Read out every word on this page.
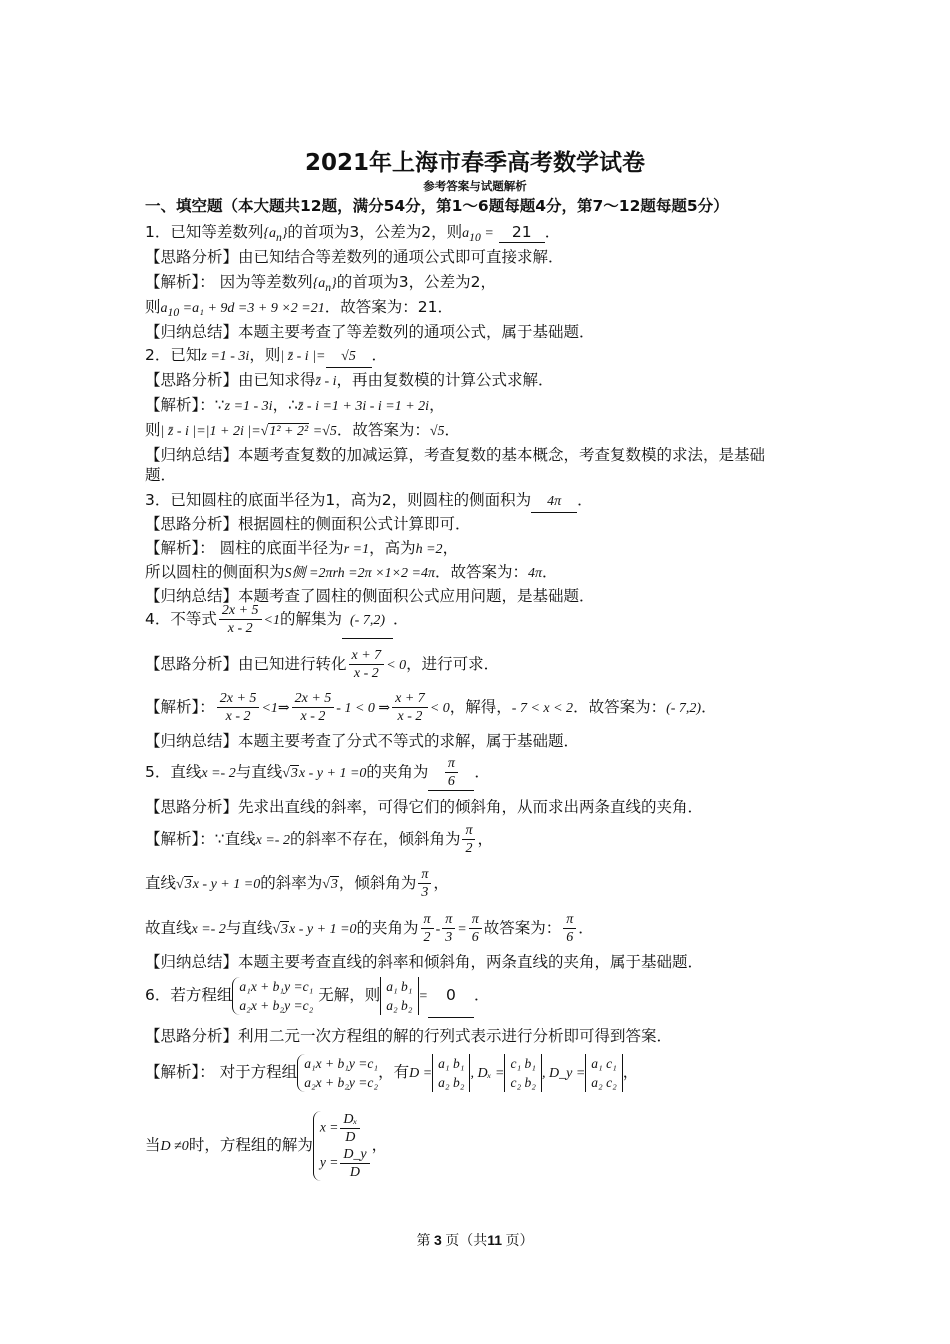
2021年上海市春季高考数学试卷
参考答案与试题解析
一、填空题（本大题共12题，满分54分，第1～6题每题4分，第7～12题每题5分）
1．已知等差数列$\{a_n\}$的首项为3，公差为2，则$a_{10} = 21$ ．
【思路分析】由已知结合等差数列的通项公式即可直接求解．
【解析】： 因为等差数列$\{a_n\}$的首项为3，公差为2，
则$a_{10} =a_1 + 9d =3 + 9 \times 2 =21$．故答案为：21．
【归纳总结】本题主要考查了等差数列的通项公式，属于基础题．
2．已知z =1 - 3i，则| z̄ - i |= √5 ．
【思路分析】由已知求得z̄ - i，再由复数模的计算公式求解．
【解析】：∵z =1 - 3i，∴z̄ - i =1 + 3i - i =1 + 2i，
则| z̄ - i |=|1 + 2i |=√1² + 2² =√5．故答案为：√5．
【归纳总结】本题考查复数的加减运算，考查复数的基本概念，考查复数模的求法，是基础
题．
3．已知圆柱的底面半径为1，高为2，则圆柱的侧面积为 4π ．
【思路分析】根据圆柱的侧面积公式计算即可．
【解析】： 圆柱的底面半径为r =1，高为h =2，
所以圆柱的侧面积为S侧 =2πrh =2π ×1×2 =4π．故答案为：4π．
【归纳总结】本题考查了圆柱的侧面积公式应用问题，是基础题．
4．不等式 $\frac{2x + 5}{x - 2} <1$的解集为 (- 7,2) ．
【思路分析】由已知进行转化 $\frac{x + 7}{x - 2} < 0$，进行可求．
【解析】： $\frac{2x + 5}{x - 2}$ <1⇒ $\frac{2x + 5}{x - 2} - 1 < 0$ ⇒ $\frac{x + 7}{x - 2} < 0$，解得，- 7 < x < 2．故答案为：(- 7,2)．
【归纳总结】本题主要考查了分式不等式的求解，属于基础题．
5．直线x =- 2与直线√3x - y + 1 =0的夹角为 $\frac{\pi}{6}$ ．
【思路分析】先求出直线的斜率，可得它们的倾斜角，从而求出两条直线的夹角．
【解析】：∵直线x =- 2的斜率不存在，倾斜角为 $\frac{\pi}{2}$ ，
直线√3x - y + 1 =0的斜率为√3，倾斜角为 $\frac{\pi}{3}$ ，
故直线x =- 2与直线√3x - y + 1 =0的夹角为 $\frac{\pi}{2} - \frac{\pi}{3} = \frac{\pi}{6}$ 故答案为： $\frac{\pi}{6}$ ．
【归纳总结】本题主要考查直线的斜率和倾斜角，两条直线的夹角，属于基础题．
6．若方程组 a₁x + b₁y =c₁
a₂x + b₂y =c₂
无解，则 a₁ b₁
a₂ b₂
= 0 ．
【思路分析】利用二元一次方程组的解的行列式表示进行分析即可得到答案．
【解析】： 对于方程组 a₁x + b₁y =c₁
a₂x + b₂y =c₂
，有D =
a₁ b₁
a₂ b₂
, Dₓ =
c₁ b₁
c₂ b₂
, D_y =
a₁ c₁
a₂ c₂
，
当D ≠0时，方程组的解为
$x = \frac{\text{Dₓ}}{D}$
$y = \frac{D\_y}{D}$
，
第 3 页（共11 页）
